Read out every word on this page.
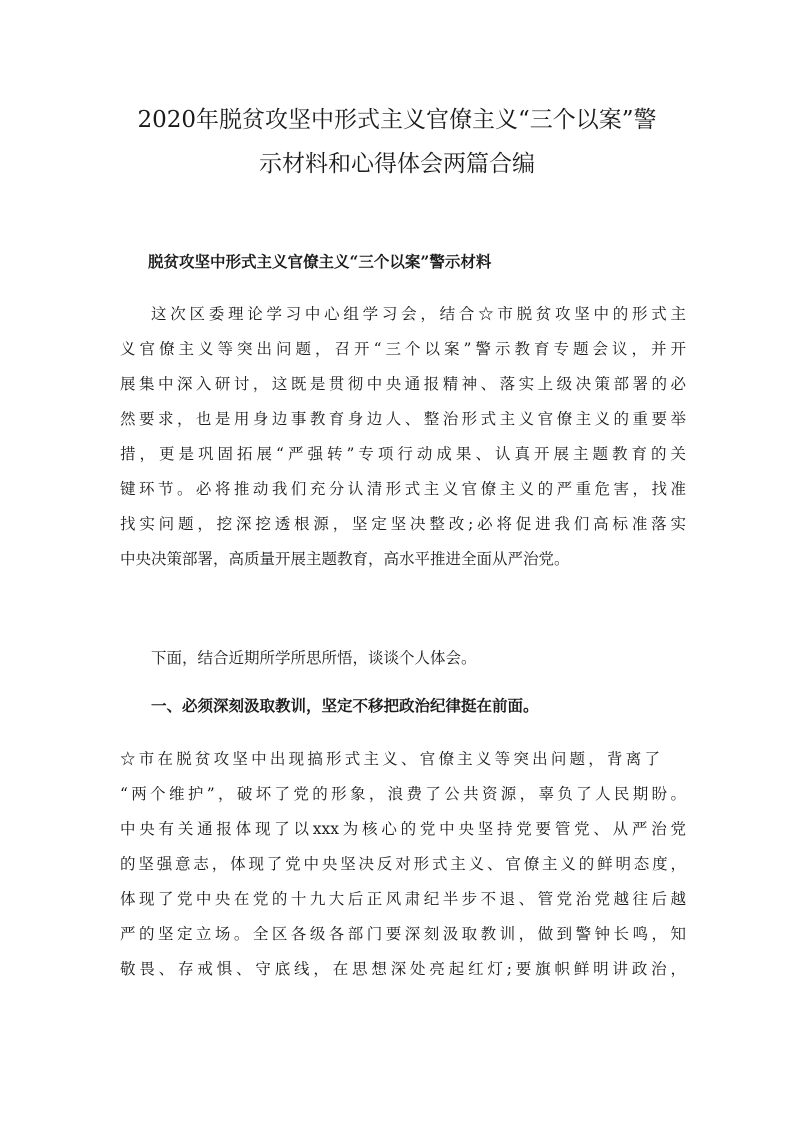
2020年脱贫攻坚中形式主义官僚主义“三个以案”警
示材料和心得体会两篇合编

脱贫攻坚中形式主义官僚主义“三个以案”警示材料

这次区委理论学习中心组学习会，结合☆市脱贫攻坚中的形式主
义官僚主义等突出问题，召开“三个以案”警示教育专题会议，并开
展集中深入研讨，这既是贯彻中央通报精神、落实上级决策部署的必
然要求，也是用身边事教育身边人、整治形式主义官僚主义的重要举
措，更是巩固拓展“严强转”专项行动成果、认真开展主题教育的关
键环节。必将推动我们充分认清形式主义官僚主义的严重危害，找准
找实问题，挖深挖透根源，坚定坚决整改;必将促进我们高标准落实
中央决策部署，高质量开展主题教育，高水平推进全面从严治党。
下面，结合近期所学所思所悟，谈谈个人体会。
一、必须深刻汲取教训，坚定不移把政治纪律挺在前面。
☆市在脱贫攻坚中出现搞形式主义、官僚主义等突出问题，背离了
“两个维护”，破坏了党的形象，浪费了公共资源，辜负了人民期盼。
中央有关通报体现了以xxx为核心的党中央坚持党要管党、从严治党
的坚强意志，体现了党中央坚决反对形式主义、官僚主义的鲜明态度，
体现了党中央在党的十九大后正风肃纪半步不退、管党治党越往后越
严的坚定立场。全区各级各部门要深刻汲取教训，做到警钟长鸣，知
敬畏、存戒惧、守底线，在思想深处亮起红灯;要旗帜鲜明讲政治，
